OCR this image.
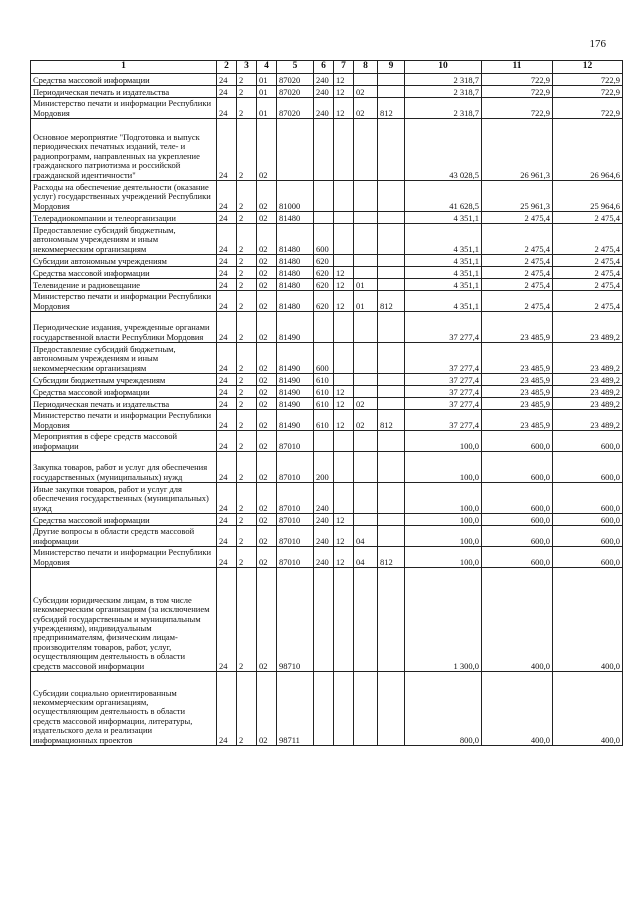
176
1	2	3	4	5	6	7	8	9	10	11	12
Средства массовой информации	24	2	01	87020	240	12			2 318,7	722,9	722,9
Периодическая печать и издательства	24	2	01	87020	240	12	02		2 318,7	722,9	722,9
Министерство печати и информации Республики Мордовия	24	2	01	87020	240	12	02	812	2 318,7	722,9	722,9
Основное мероприятие "Подготовка и выпуск периодических печатных изданий, теле- и радиопрограмм, направленных на укрепление гражданского патриотизма и российской гражданской идентичности"	24	2	02						43 028,5	26 961,3	26 964,6
Расходы на обеспечение деятельности (оказание услуг) государственных учреждений Республики Мордовия	24	2	02	81000					41 628,5	25 961,3	25 964,6
Телерадиокомпании и телеорганизации	24	2	02	81480					4 351,1	2 475,4	2 475,4
Предоставление субсидий бюджетным, автономным учреждениям и иным некоммерческим организациям	24	2	02	81480	600				4 351,1	2 475,4	2 475,4
Субсидии автономным учреждениям	24	2	02	81480	620				4 351,1	2 475,4	2 475,4
Средства массовой информации	24	2	02	81480	620	12			4 351,1	2 475,4	2 475,4
Телевидение и радиовещание	24	2	02	81480	620	12	01		4 351,1	2 475,4	2 475,4
Министерство печати и информации Республики Мордовия	24	2	02	81480	620	12	01	812	4 351,1	2 475,4	2 475,4
Периодические издания, учрежденные органами государственной власти Республики Мордовия	24	2	02	81490					37 277,4	23 485,9	23 489,2
Предоставление субсидий бюджетным, автономным учреждениям и иным некоммерческим организациям	24	2	02	81490	600				37 277,4	23 485,9	23 489,2
Субсидии бюджетным учреждениям	24	2	02	81490	610				37 277,4	23 485,9	23 489,2
Средства массовой информации	24	2	02	81490	610	12			37 277,4	23 485,9	23 489,2
Периодическая печать и издательства	24	2	02	81490	610	12	02		37 277,4	23 485,9	23 489,2
Министерство печати и информации Республики Мордовия	24	2	02	81490	610	12	02	812	37 277,4	23 485,9	23 489,2
Мероприятия в сфере средств массовой информации	24	2	02	87010					100,0	600,0	600,0
Закупка товаров, работ и услуг для обеспечения государственных (муниципальных) нужд	24	2	02	87010	200				100,0	600,0	600,0
Иные закупки товаров, работ и услуг для обеспечения государственных (муниципальных) нужд	24	2	02	87010	240				100,0	600,0	600,0
Средства массовой информации	24	2	02	87010	240	12			100,0	600,0	600,0
Другие вопросы в области средств массовой информации	24	2	02	87010	240	12	04		100,0	600,0	600,0
Министерство печати и информации Республики Мордовия	24	2	02	87010	240	12	04	812	100,0	600,0	600,0
Субсидии юридическим лицам, в том числе некоммерческим организациям (за исключением субсидий государственным и муниципальным учреждениям), индивидуальным предпринимателям, физическим лицам- производителям товаров, работ, услуг, осуществляющим деятельность в области средств массовой информации	24	2	02	98710					1 300,0	400,0	400,0
Субсидии социально ориентированным некоммерческим организациям, осуществляющим деятельность в области средств массовой информации, литературы, издательского дела и реализации информационных проектов	24	2	02	98711					800,0	400,0	400,0
